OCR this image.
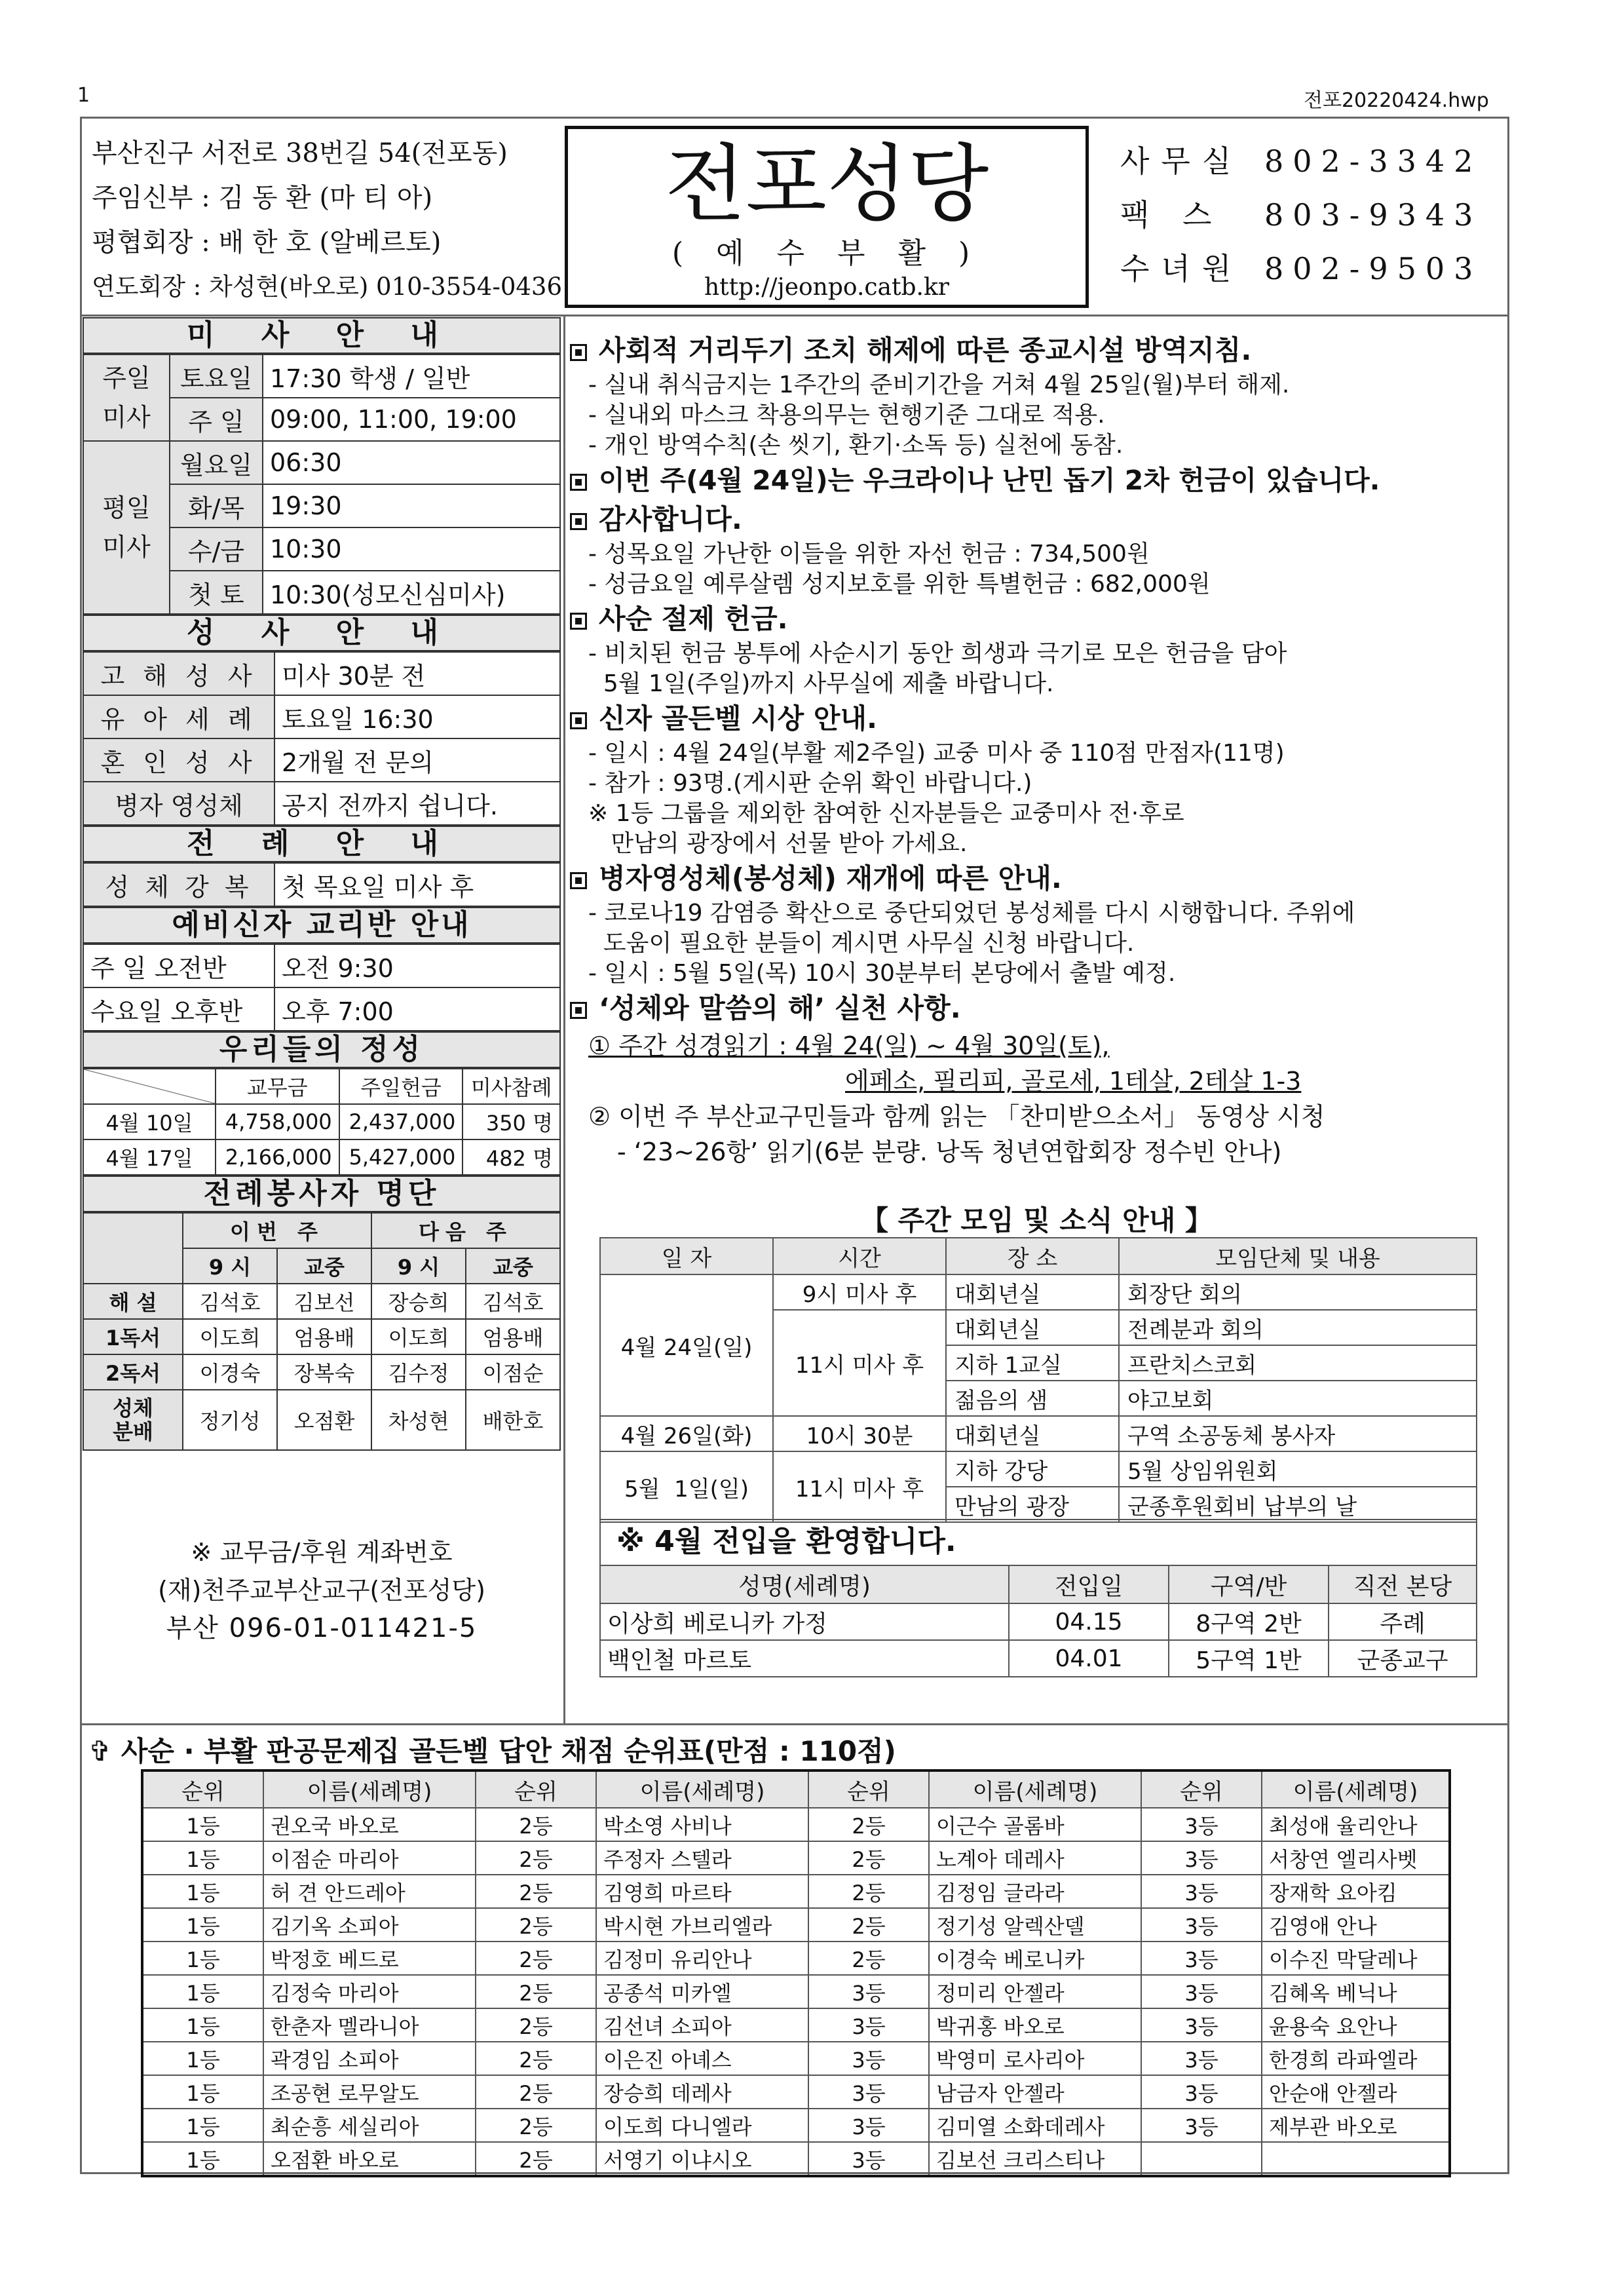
1	전포20220424.hwp
부산진구 서전로 38번길 54(전포동)
주임신부 : 김 동 환 (마 티 아)
평협회장 : 배 한 호 (알베르토)
연도회장 : 차성현(바오로) 010-3554-0436
전포성당
( 예 수 부 활 )
http://jeonpo.catb.kr
사무실 802-3342
팩 스	803-9343
수녀원 802-9503
미 사 안 내
주일
미사	토요일	17:30 학생 / 일반
	주 일	09:00, 11:00, 19:00
평일
미사	월요일	06:30
	화/목	19:30
	수/금	10:30
	첫 토	10:30(성모신심미사)
성 사 안 내
고 해 성 사	미사 30분 전
유 아 세 례	토요일 16:30
혼 인 성 사	2개월 전 문의
병자 영성체	공지 전까지 쉽니다.
전 례 안 내
성 체 강 복	첫 목요일 미사 후
예비신자 교리반 안내
주 일 오전반	오전 9:30
수요일 오후반	오후 7:00
우리들의 정성
	교무금	주일헌금	미사참례
4월 10일	4,758,000	2,437,000	350 명
4월 17일	2,166,000	5,427,000	482 명
전례봉사자 명단
	이번 주		다음 주	
	9 시	교중	9 시	교중
해 설	김석호	김보선	장승희	김석호
1독서	이도희	엄용배	이도희	엄용배
2독서	이경숙	장복숙	김수정	이점순
성체
분배	정기성	오점환	차성현	배한호
※ 교무금/후원 계좌번호
(재)천주교부산교구(전포성당)
부산 096-01-011421-5
사회적 거리두기 조치 해제에 따른 종교시설 방역지침.
- 실내 취식금지는 1주간의 준비기간을 거쳐 4월 25일(월)부터 해제.
- 실내외 마스크 착용의무는 현행기준 그대로 적용.
- 개인 방역수칙(손 씻기, 환기·소독 등) 실천에 동참.
이번 주(4월 24일)는 우크라이나 난민 돕기 2차 헌금이 있습니다.
감사합니다.
- 성목요일 가난한 이들을 위한 자선 헌금 : 734,500원
- 성금요일 예루살렘 성지보호를 위한 특별헌금 : 682,000원
사순 절제 헌금.
- 비치된 헌금 봉투에 사순시기 동안 희생과 극기로 모은 헌금을 담아
5월 1일(주일)까지 사무실에 제출 바랍니다.
신자 골든벨 시상 안내.
- 일시 : 4월 24일(부활 제2주일) 교중 미사 중 110점 만점자(11명)
- 참가 : 93명.(게시판 순위 확인 바랍니다.)
※ 1등 그룹을 제외한 참여한 신자분들은 교중미사 전·후로
만남의 광장에서 선물 받아 가세요.
병자영성체(봉성체) 재개에 따른 안내.
- 코로나19 감염증 확산으로 중단되었던 봉성체를 다시 시행합니다. 주위에
도움이 필요한 분들이 계시면 사무실 신청 바랍니다.
- 일시 : 5월 5일(목) 10시 30분부터 본당에서 출발 예정.
‘성체와 말씀의 해’ 실천 사항.
① 주간 성경읽기 : 4월 24(일) ~ 4월 30일(토),
에페소, 필리피, 골로세, 1테살, 2테살 1-3
② 이번 주 부산교구민들과 함께 읽는 「찬미받으소서」 동영상 시청
- ‘23~26항’ 읽기(6분 분량. 낭독 청년연합회장 정수빈 안나)
【 주간 모임 및 소식 안내 】
일 자	시간	장 소	모임단체 및 내용
4월 24일(일)	9시 미사 후	대회년실	회장단 회의
	11시 미사 후	대회년실	전례분과 회의
		지하 1교실	프란치스코회
		젊음의 샘	야고보회
4월 26일(화)	10시 30분	대회년실	구역 소공동체 봉사자
5월  1일(일)	11시 미사 후	지하 강당	5월 상임위원회
		만남의 광장	군종후원회비 납부의 날
※ 4월 전입을 환영합니다.
성명(세례명)	전입일	구역/반	직전 본당
이상희 베로니카 가정	04.15	8구역 2반	주례
백인철 마르토	04.01	5구역 1반	군종교구
✞ 사순 · 부활 판공문제집 골든벨 답안 채점 순위표(만점 : 110점)
순위	이름(세례명)	순위	이름(세례명)	순위	이름(세례명)	순위	이름(세례명)
1등	권오국 바오로	2등	박소영 사비나	2등	이근수 골롬바	3등	최성애 율리안나
1등	이점순 마리아	2등	주정자 스텔라	2등	노계아 데레사	3등	서창연 엘리사벳
1등	허 견 안드레아	2등	김영희 마르타	2등	김정임 글라라	3등	장재학 요아킴
1등	김기옥 소피아	2등	박시현 가브리엘라	2등	정기성 알렉산델	3등	김영애 안나
1등	박정호 베드로	2등	김정미 유리안나	2등	이경숙 베로니카	3등	이수진 막달레나
1등	김정숙 마리아	2등	공종석 미카엘	3등	정미리 안젤라	3등	김혜옥 베닉나
1등	한춘자 멜라니아	2등	김선녀 소피아	3등	박귀홍 바오로	3등	윤용숙 요안나
1등	곽경임 소피아	2등	이은진 아녜스	3등	박영미 로사리아	3등	한경희 라파엘라
1등	조공현 로무알도	2등	장승희 데레사	3등	남금자 안젤라	3등	안순애 안젤라
1등	최순흥 세실리아	2등	이도희 다니엘라	3등	김미열 소화데레사	3등	제부관 바오로
1등	오점환 바오로	2등	서영기 이냐시오	3등	김보선 크리스티나		
